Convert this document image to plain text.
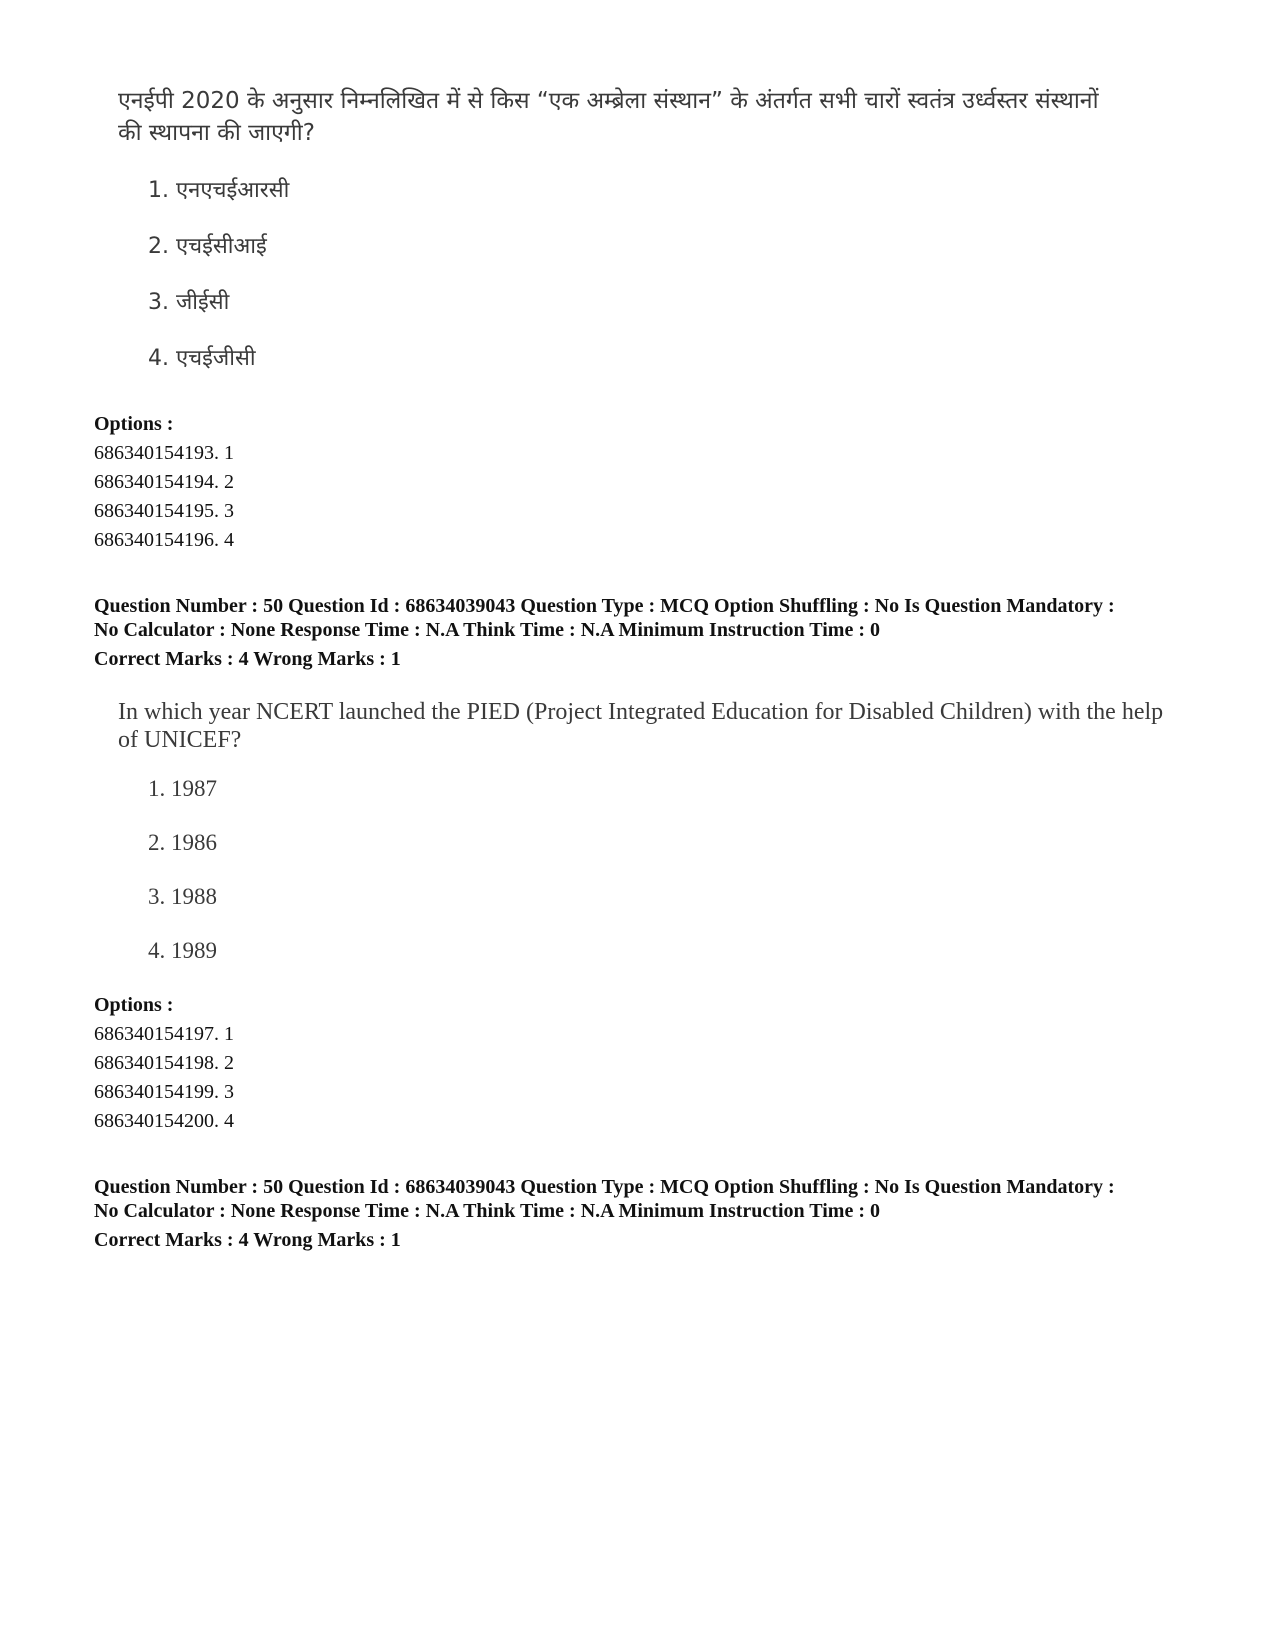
एनईपी 2020 के अनुसार निम्नलिखित में से किस “एक अम्ब्रेला संस्थान” के अंतर्गत सभी चारों स्वतंत्र उर्ध्वस्तर संस्थानों
की स्थापना की जाएगी?
1. एनएचईआरसी
2. एचईसीआई
3. जीईसी
4. एचईजीसी
Options :
686340154193. 1
686340154194. 2
686340154195. 3
686340154196. 4
Question Number : 50 Question Id : 68634039043 Question Type : MCQ Option Shuffling : No Is Question Mandatory :
No Calculator : None Response Time : N.A Think Time : N.A Minimum Instruction Time : 0
Correct Marks : 4 Wrong Marks : 1
In which year NCERT launched the PIED (Project Integrated Education for Disabled Children) with the help
of UNICEF?
1. 1987
2. 1986
3. 1988
4. 1989
Options :
686340154197. 1
686340154198. 2
686340154199. 3
686340154200. 4
Question Number : 50 Question Id : 68634039043 Question Type : MCQ Option Shuffling : No Is Question Mandatory :
No Calculator : None Response Time : N.A Think Time : N.A Minimum Instruction Time : 0
Correct Marks : 4 Wrong Marks : 1
